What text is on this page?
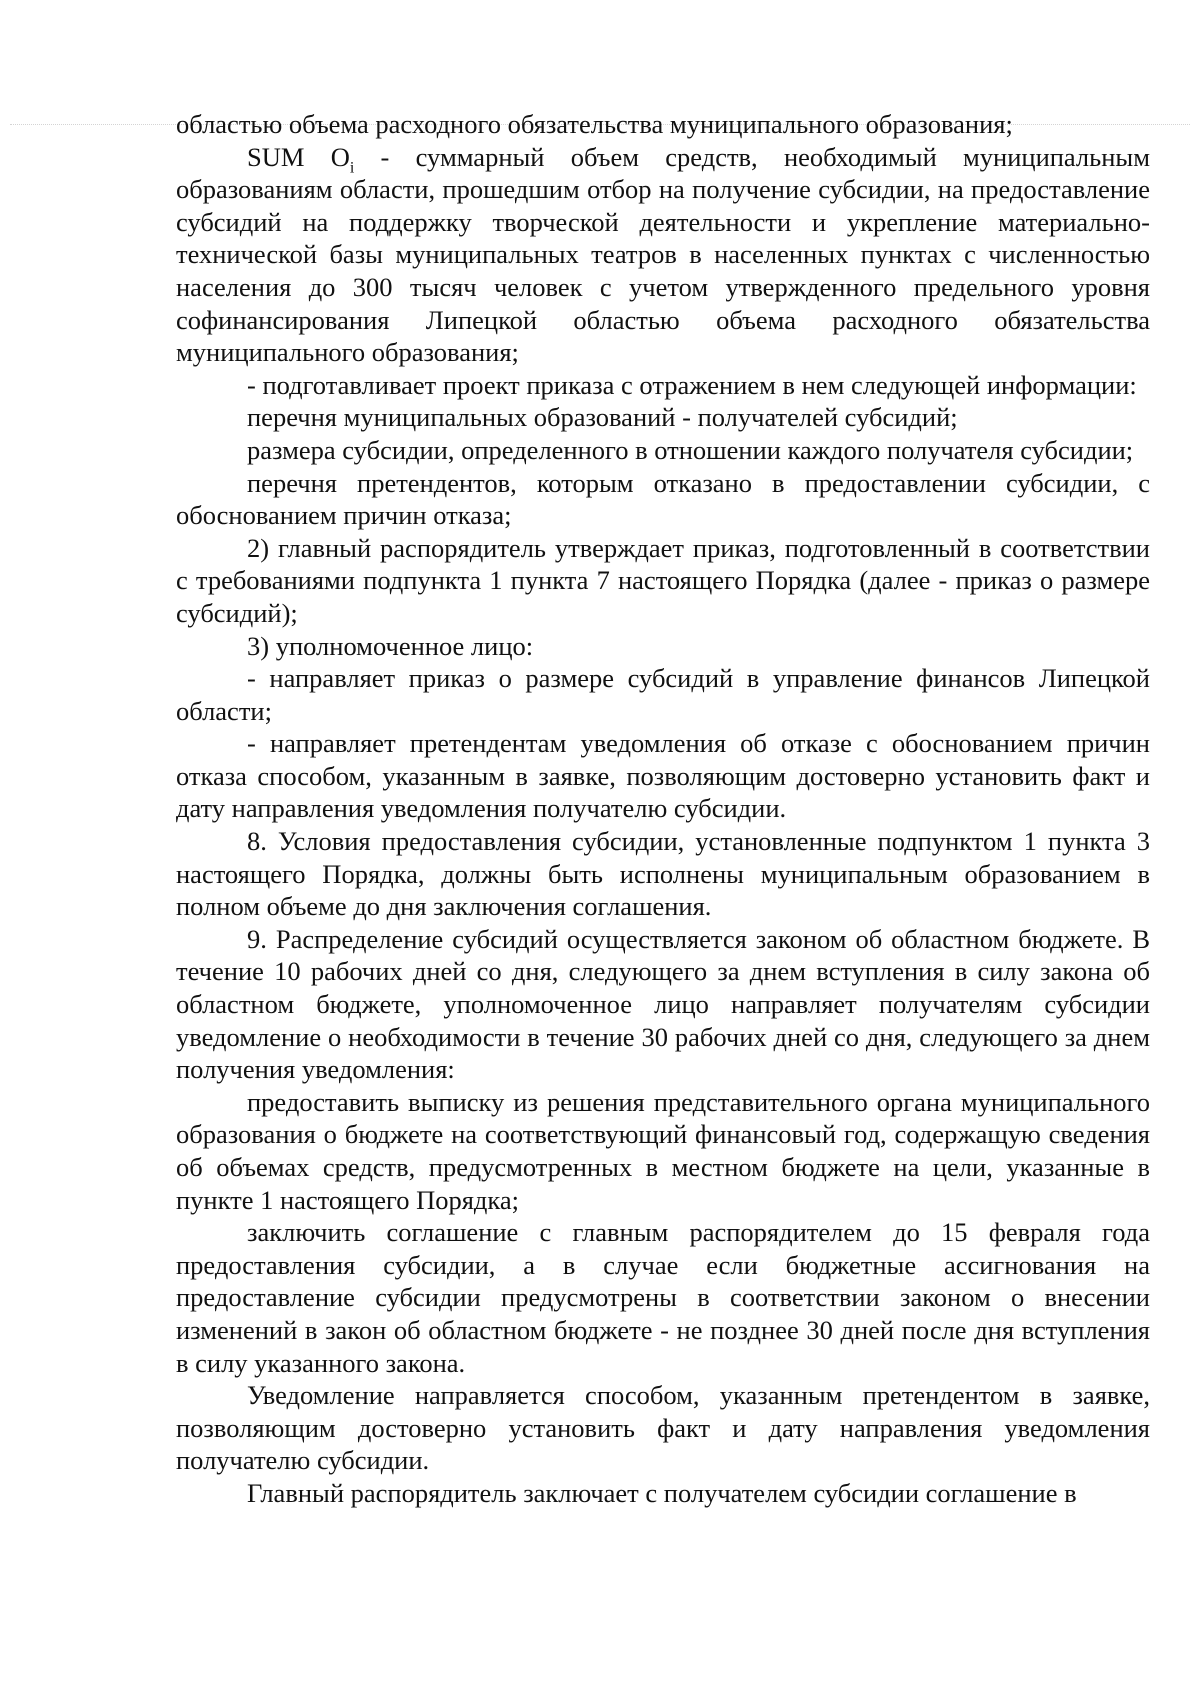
областью объема расходного обязательства муниципального образования;

SUM $O_i$ - суммарный объем средств, необходимый муниципальным образованиям области, прошедшим отбор на получение субсидии, на предоставление субсидий на поддержку творческой деятельности и укрепление материально-технической базы муниципальных театров в населенных пунктах с численностью населения до 300 тысяч человек с учетом утвержденного предельного уровня софинансирования Липецкой областью объема расходного обязательства муниципального образования;

- подготавливает проект приказа с отражением в нем следующей информации:

перечня муниципальных образований - получателей субсидий;

размера субсидии, определенного в отношении каждого получателя субсидии;

перечня претендентов, которым отказано в предоставлении субсидии, с обоснованием причин отказа;

2) главный распорядитель утверждает приказ, подготовленный в соответствии с требованиями подпункта 1 пункта 7 настоящего Порядка (далее - приказ о размере субсидий);

3) уполномоченное лицо:

- направляет приказ о размере субсидий в управление финансов Липецкой области;

- направляет претендентам уведомления об отказе с обоснованием причин отказа способом, указанным в заявке, позволяющим достоверно установить факт и дату направления уведомления получателю субсидии.

8. Условия предоставления субсидии, установленные подпунктом 1 пункта 3 настоящего Порядка, должны быть исполнены муниципальным образованием в полном объеме до дня заключения соглашения.

9. Распределение субсидий осуществляется законом об областном бюджете. В течение 10 рабочих дней со дня, следующего за днем вступления в силу закона об областном бюджете, уполномоченное лицо направляет получателям субсидии уведомление о необходимости в течение 30 рабочих дней со дня, следующего за днем получения уведомления:

предоставить выписку из решения представительного органа муниципального образования о бюджете на соответствующий финансовый год, содержащую сведения об объемах средств, предусмотренных в местном бюджете на цели, указанные в пункте 1 настоящего Порядка;

заключить соглашение с главным распорядителем до 15 февраля года предоставления субсидии, а в случае если бюджетные ассигнования на предоставление субсидии предусмотрены в соответствии законом о внесении изменений в закон об областном бюджете - не позднее 30 дней после дня вступления в силу указанного закона.

Уведомление направляется способом, указанным претендентом в заявке, позволяющим достоверно установить факт и дату направления уведомления получателю субсидии.

Главный распорядитель заключает с получателем субсидии соглашение в
